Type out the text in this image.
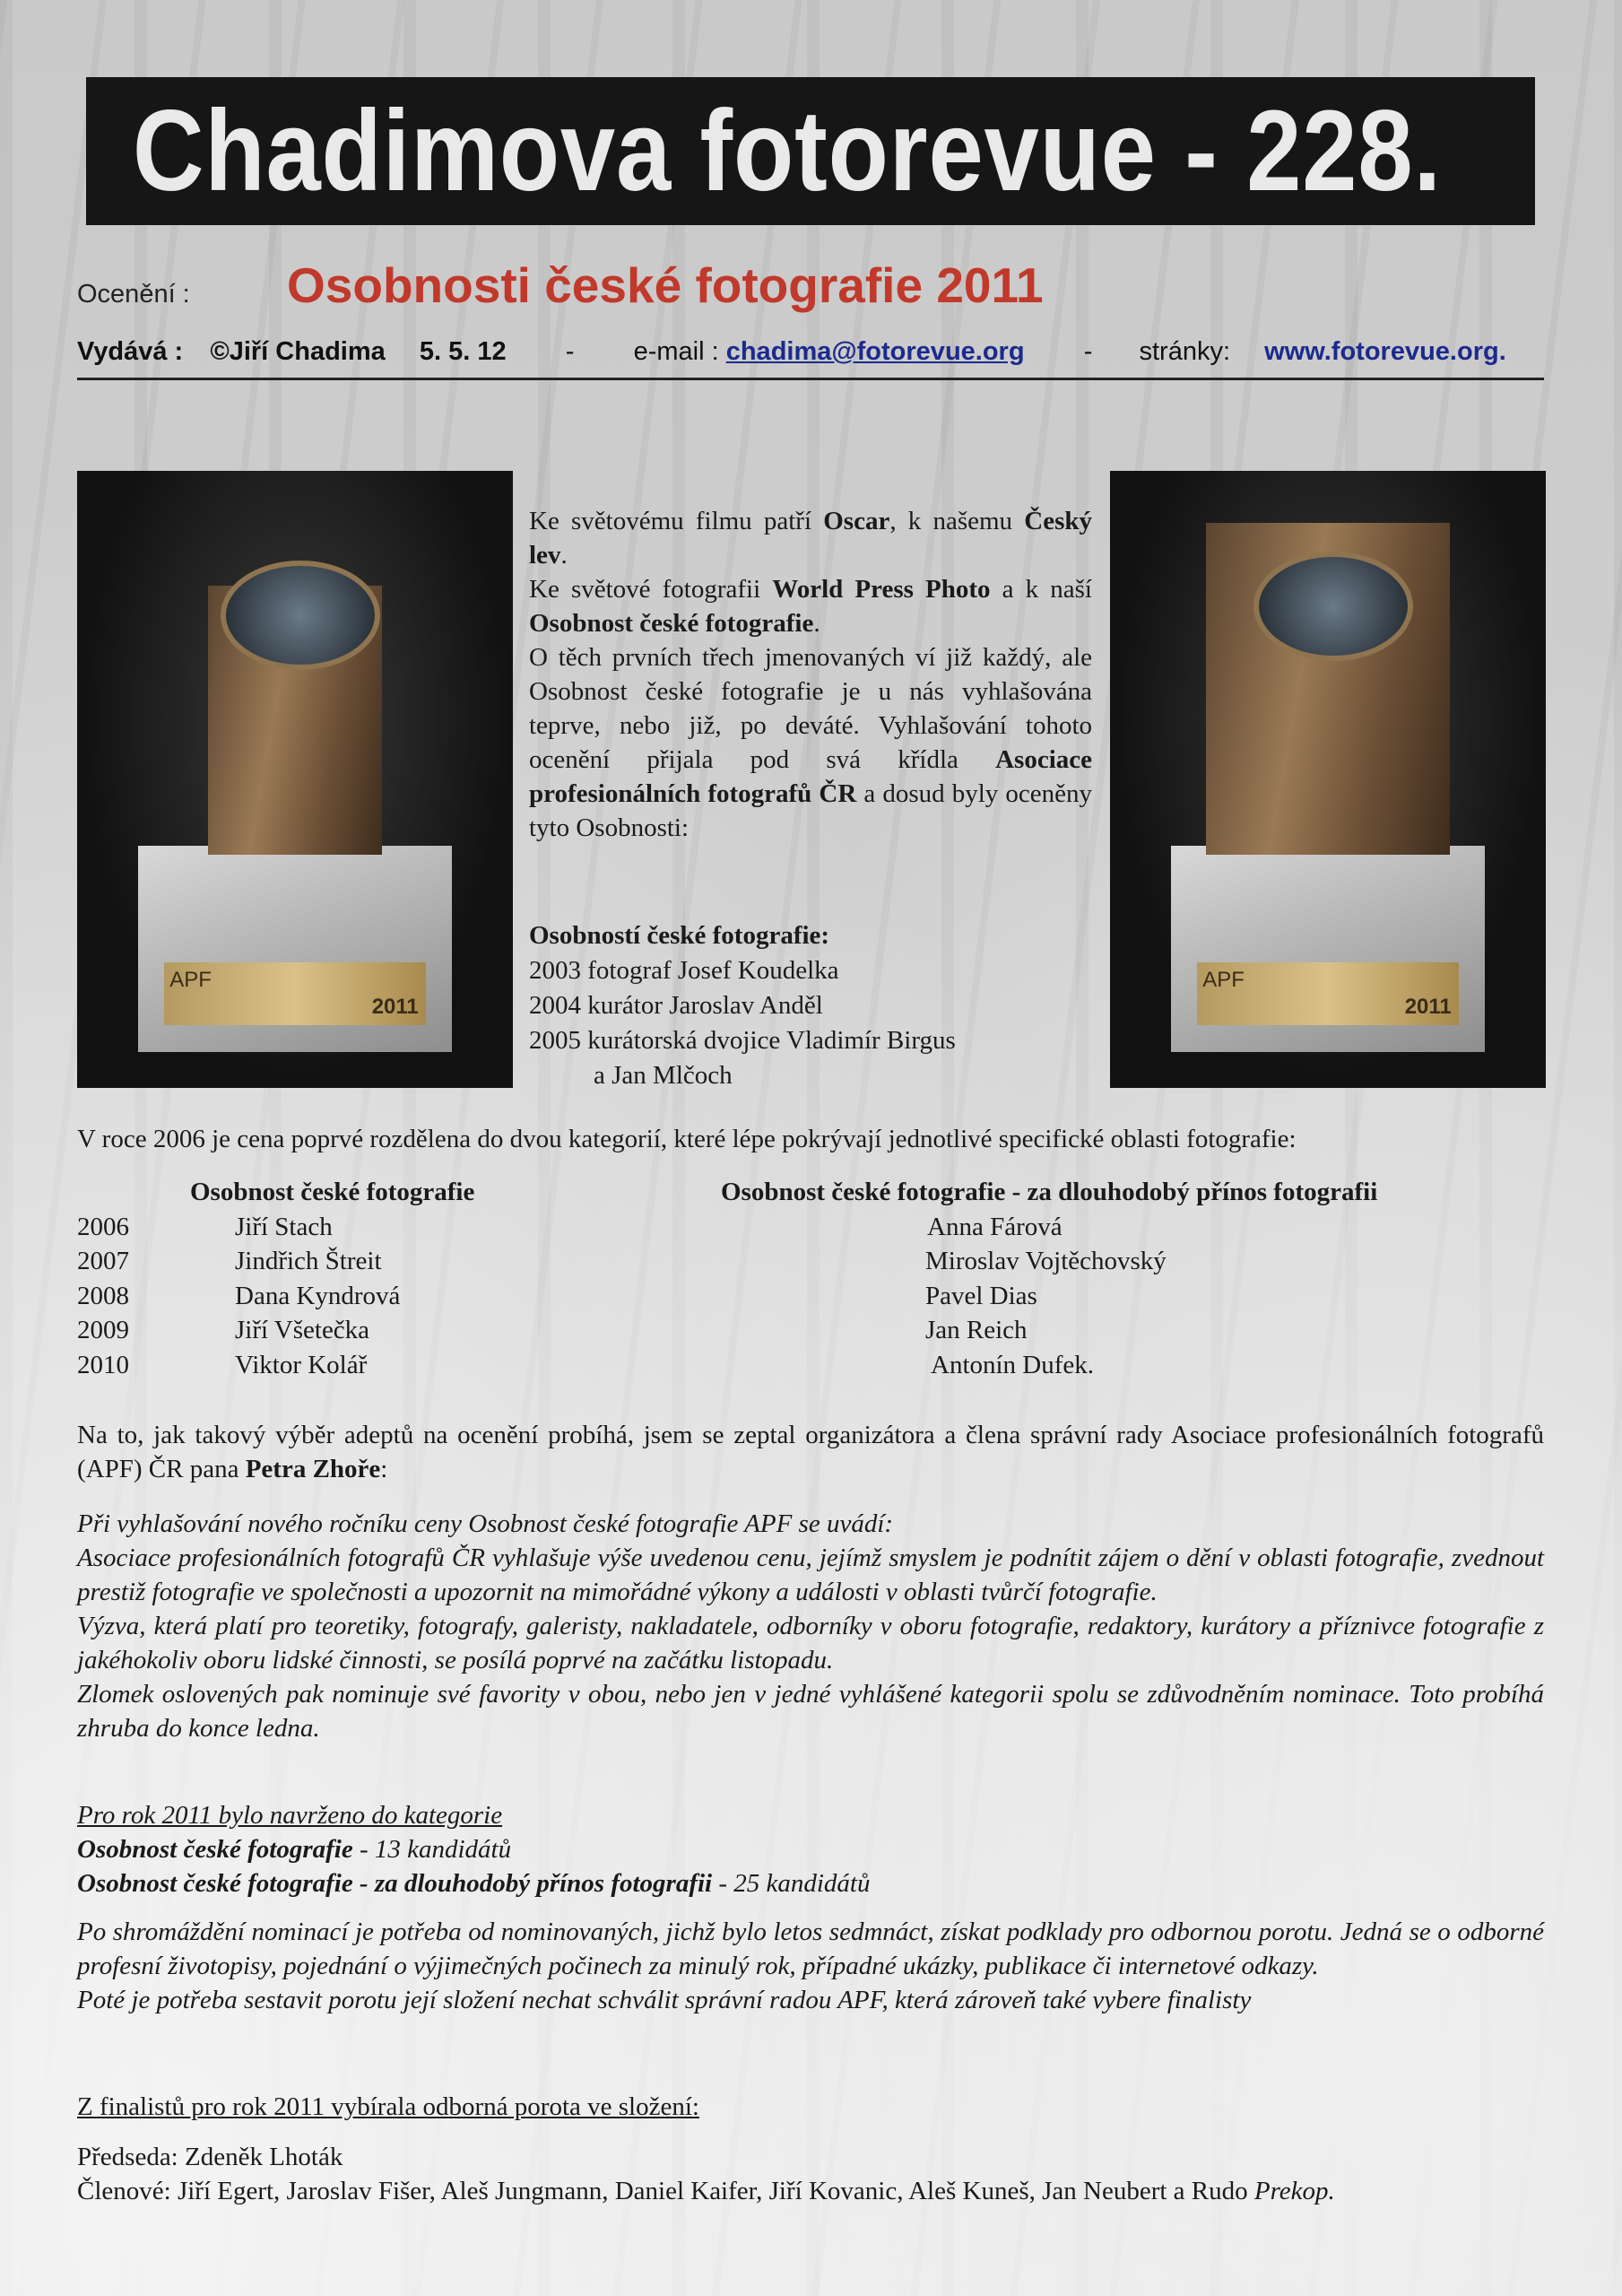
Chadimova fotorevue - 228.
Ocenění : Osobnosti české fotografie 2011
Vydává : ©Jiří Chadima 5. 5. 12 - e-mail : chadima@fotorevue.org - stránky: www.fotorevue.org.
APF
2011
APF
2011

Ke světovému filmu patří Oscar, k našemu Český lev.

Ke světové fotografii World Press Photo a k naší Osobnost české fotografie.

O těch prvních třech jmenovaných ví již každý, ale Osobnost české fotografie je u nás vyhlašována teprve, nebo již, po deváté. Vyhlašování tohoto ocenění přijala pod svá křídla Asociace profesionálních fotografů ČR a dosud byly oceněny tyto Osobnosti:

Osobností české fotografie:
2003 fotograf Josef Koudelka
2004 kurátor Jaroslav Anděl
2005 kurátorská dvojice Vladimír Birgus
a Jan Mlčoch
V roce 2006 je cena poprvé rozdělena do dvou kategorií, které lépe pokrývají jednotlivé specifické oblasti fotografie:
Osobnost české fotografie	Osobnost české fotografie - za dlouhodobý přínos fotografii
2006	Jiří Stach	Anna Fárová
2007	Jindřich Štreit	Miroslav Vojtěchovský
2008	Dana Kyndrová	Pavel Dias
2009	Jiří Všetečka	Jan Reich
2010	Viktor Kolář	Antonín Dufek.

Na to, jak takový výběr adeptů na ocenění probíhá, jsem se zeptal organizátora a člena správní rady Asociace profesionálních fotografů (APF) ČR pana Petra Zhoře:

Při vyhlašování nového ročníku ceny Osobnost české fotografie APF se uvádí:

Asociace profesionálních fotografů ČR vyhlašuje výše uvedenou cenu, jejímž smyslem je podnítit zájem o dění v oblasti fotografie, zvednout prestiž fotografie ve společnosti a upozornit na mimořádné výkony a události v oblasti tvůrčí fotografie.

Výzva, která platí pro teoretiky, fotografy, galeristy, nakladatele, odborníky v oboru fotografie, redaktory, kurátory a příznivce fotografie z jakéhokoliv oboru lidské činnosti, se posílá poprvé na začátku listopadu.

Zlomek oslovených pak nominuje své favority v obou, nebo jen v jedné vyhlášené kategorii spolu se zdůvodněním nominace. Toto probíhá zhruba do konce ledna.

Pro rok 2011 bylo navrženo do kategorie

Osobnost české fotografie - 13 kandidátů

Osobnost české fotografie - za dlouhodobý přínos fotografii - 25 kandidátů

Po shromáždění nominací je potřeba od nominovaných, jichž bylo letos sedmnáct, získat podklady pro odbornou porotu. Jedná se o odborné profesní životopisy, pojednání o výjimečných počinech za minulý rok, případné ukázky, publikace či internetové odkazy.

Poté je potřeba sestavit porotu její složení nechat schválit správní radou APF, která zároveň také vybere finalisty

Z finalistů pro rok 2011 vybírala odborná porota ve složení:

Předseda: Zdeněk Lhoták

Členové: Jiří Egert, Jaroslav Fišer, Aleš Jungmann, Daniel Kaifer, Jiří Kovanic, Aleš Kuneš, Jan Neubert a Rudo Prekop.
